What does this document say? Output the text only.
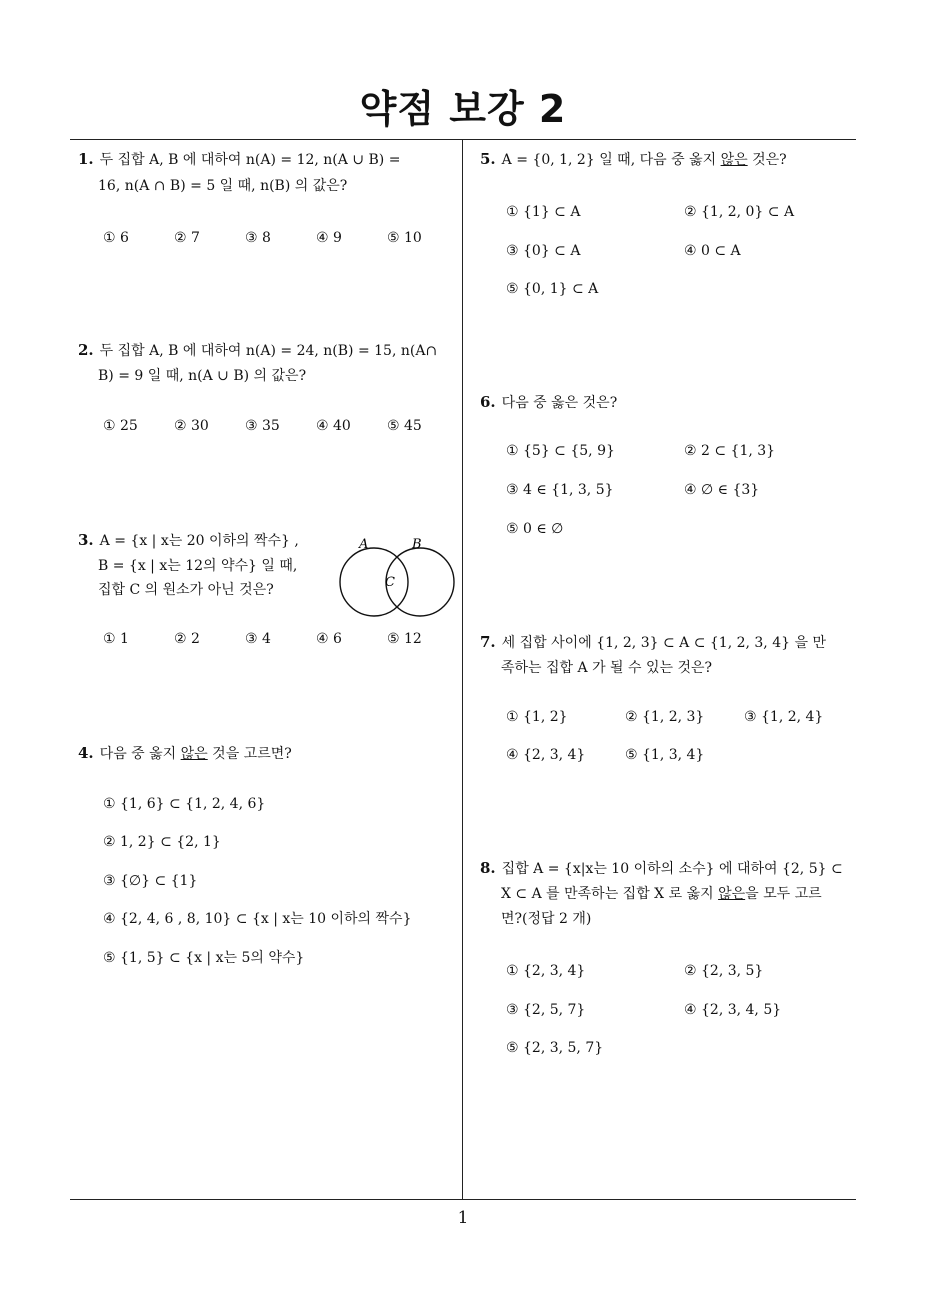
약점 보강 2
1
1. 두 집합 A, B 에 대하여 n(A) = 12, n(A ∪ B) =
16, n(A ∩ B) = 5 일 때, n(B) 의 값은?
① 6	② 7	③ 8	④ 9	⑤ 10
2. 두 집합 A, B 에 대하여 n(A) = 24, n(B) = 15, n(A∩
B) = 9 일 때, n(A ∪ B) 의 값은?
① 25	② 30	③ 35	④ 40	⑤ 45
3. A = {x | x는 20 이하의 짝수} ,
B = {x | x는 12의 약수} 일 때,
집합 C 의 원소가 아닌 것은?
A	B
C
① 1	② 2	③ 4	④ 6	⑤ 12
4. 다음 중 옳지 않은 것을 고르면?
① {1, 6} ⊂ {1, 2, 4, 6}
② 1, 2} ⊂ {2, 1}
③ {∅} ⊂ {1}
④ {2, 4, 6 , 8, 10} ⊂ {x | x는 10 이하의 짝수}
⑤ {1, 5} ⊂ {x | x는 5의 약수}
5. A = {0, 1, 2} 일 때, 다음 중 옳지 않은 것은?
① {1} ⊂ A	② {1, 2, 0} ⊂ A
③ {0} ⊂ A	④ 0 ⊂ A
⑤ {0, 1} ⊂ A
6. 다음 중 옳은 것은?
① {5} ⊂ {5, 9}	② 2 ⊂ {1, 3}
③ 4 ∈ {1, 3, 5}	④ ∅ ∈ {3}
⑤ 0 ∈ ∅
7. 세 집합 사이에 {1, 2, 3} ⊂ A ⊂ {1, 2, 3, 4} 을 만
족하는 집합 A 가 될 수 있는 것은?
① {1, 2}	② {1, 2, 3}	③ {1, 2, 4}
④ {2, 3, 4}	⑤ {1, 3, 4}
8. 집합 A = {x|x는 10 이하의 소수} 에 대하여 {2, 5} ⊂
X ⊂ A 를 만족하는 집합 X 로 옳지 않은을 모두 고르
면?(정답 2 개)
① {2, 3, 4}	② {2, 3, 5}
③ {2, 5, 7}	④ {2, 3, 4, 5}
⑤ {2, 3, 5, 7}
